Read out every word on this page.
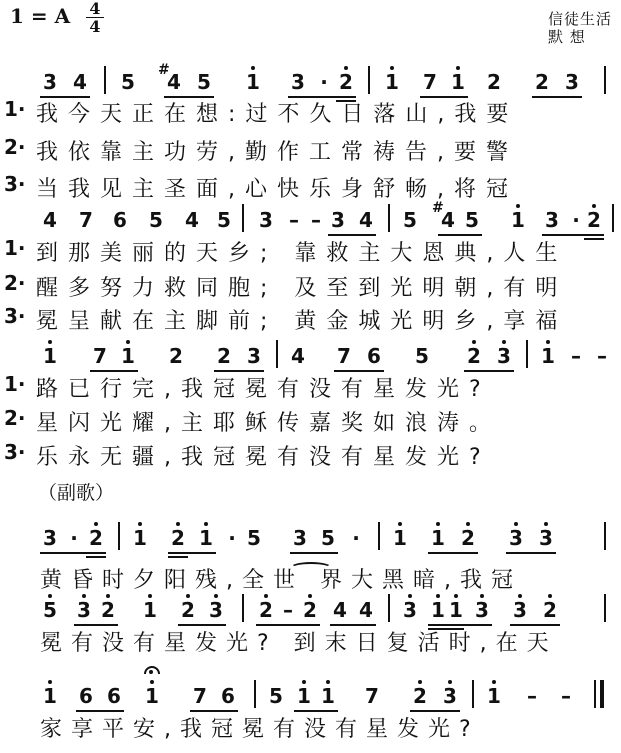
1 = A 4
4	信徒生活
默 想
3 4 5 #
4 5 1 3 · 2 1 7 1 2 2 3
1· 我今天正在想:过不久日落山,我要
2· 我依靠主功劳,勤作工常祷告,要警
3· 当我见主圣面,心快乐身舒畅,将冠
4 7 6 5 4 5 3 – – 3 4 5 #
4 5 1 3 · 2
1· 到那美丽的天乡; 靠救主大恩典,人生
2· 醒多努力救同胞; 及至到光明朝,有明
3· 冕呈献在主脚前; 黄金城光明乡,享福
1 7 1 2 2 3 4 7 6 5 2 3 1 – –
1· 路已行完,我冠冕有没有星发光?
2· 星闪光耀,主耶稣传嘉奖如浪涛。
3· 乐永无疆,我冠冕有没有星发光?
（副歌）
3 · 2 1 2 1 · 5 3 5 ·	1 1 2 3 3
黄昏时夕阳残,全世 界大黑暗,我冠
5 3 2 1 2 3 2 – 2 4 4 3 1 1 3 3 2
冕有没有星发光? 到末日复活时,在天
1 6 6 1 7 6 5 1 1 7 2 3 1 – –
家享平安,我冠冕有没有星发光?
